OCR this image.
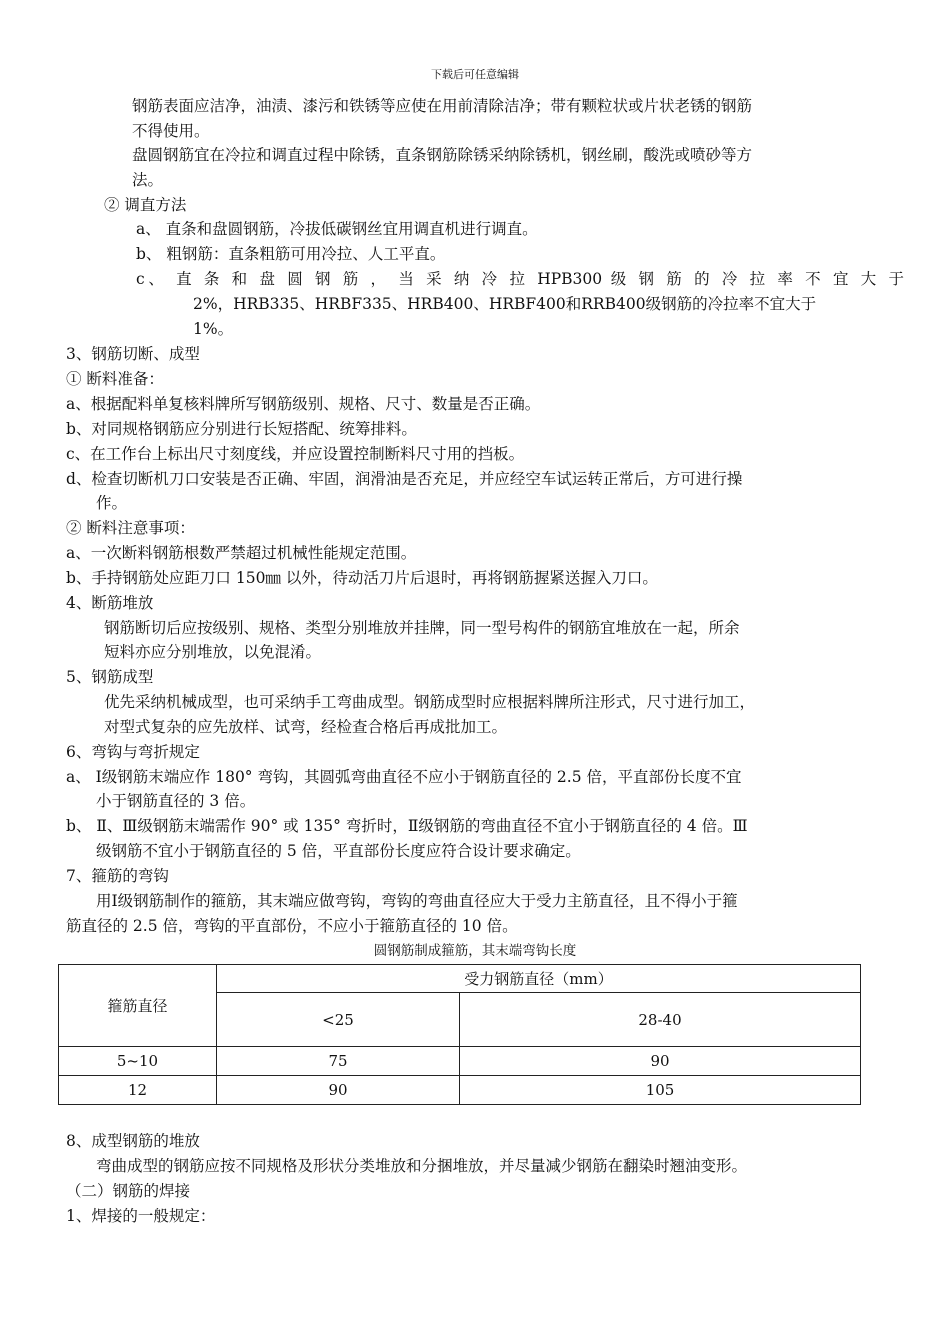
下载后可任意编辑
钢筋表面应洁净，油渍、漆污和铁锈等应使在用前清除洁净；带有颗粒状或片状老锈的钢筋
不得使用。
盘圆钢筋宜在冷拉和调直过程中除锈，直条钢筋除锈采纳除锈机，钢丝刷，酸洗或喷砂等方
法。
② 调直方法
a、 直条和盘圆钢筋，冷拔低碳钢丝宜用调直机进行调直。
b、 粗钢筋：直条粗筋可用冷拉、人工平直。
c、 直 条 和 盘 圆 钢 筋 ， 当 采 纳 冷 拉 HPB300 级 钢 筋 的 冷 拉 率 不 宜 大 于
2%，HRB335、HRBF335、HRB400、HRBF400和RRB400级钢筋的冷拉率不宜大于
1%。
3、钢筋切断、成型
① 断料准备：
a、根据配料单复核料牌所写钢筋级别、规格、尺寸、数量是否正确。
b、对同规格钢筋应分别进行长短搭配、统筹排料。
c、在工作台上标出尺寸刻度线，并应设置控制断料尺寸用的挡板。
d、检查切断机刀口安装是否正确、牢固，润滑油是否充足，并应经空车试运转正常后，方可进行操
作。
② 断料注意事项：
a、一次断料钢筋根数严禁超过机械性能规定范围。
b、手持钢筋处应距刀口 150㎜ 以外，待动活刀片后退时，再将钢筋握紧送握入刀口。
4、断筋堆放
钢筋断切后应按级别、规格、类型分别堆放并挂牌，同一型号构件的钢筋宜堆放在一起，所余
短料亦应分别堆放，以免混淆。
5、钢筋成型
优先采纳机械成型，也可采纳手工弯曲成型。钢筋成型时应根据料牌所注形式，尺寸进行加工，
对型式复杂的应先放样、试弯，经检查合格后再成批加工。
6、弯钩与弯折规定
a、 Ⅰ级钢筋末端应作 180° 弯钩，其圆弧弯曲直径不应小于钢筋直径的 2.5 倍，平直部份长度不宜
小于钢筋直径的 3 倍。
b、 Ⅱ、Ⅲ级钢筋末端需作 90° 或 135° 弯折时，Ⅱ级钢筋的弯曲直径不宜小于钢筋直径的 4 倍。Ⅲ
级钢筋不宜小于钢筋直径的 5 倍，平直部份长度应符合设计要求确定。
7、箍筋的弯钩
用Ⅰ级钢筋制作的箍筋，其末端应做弯钩，弯钩的弯曲直径应大于受力主筋直径，且不得小于箍
筋直径的 2.5 倍，弯钩的平直部份，不应小于箍筋直径的 10 倍。
圆钢筋制成箍筋，其末端弯钩长度
箍筋直径	受力钢筋直径（mm）	
	<25	28-40
5~10	75	90
12	90	105
8、成型钢筋的堆放
弯曲成型的钢筋应按不同规格及形状分类堆放和分捆堆放，并尽量减少钢筋在翻染时翘油变形。
（二）钢筋的焊接
1、焊接的一般规定：
